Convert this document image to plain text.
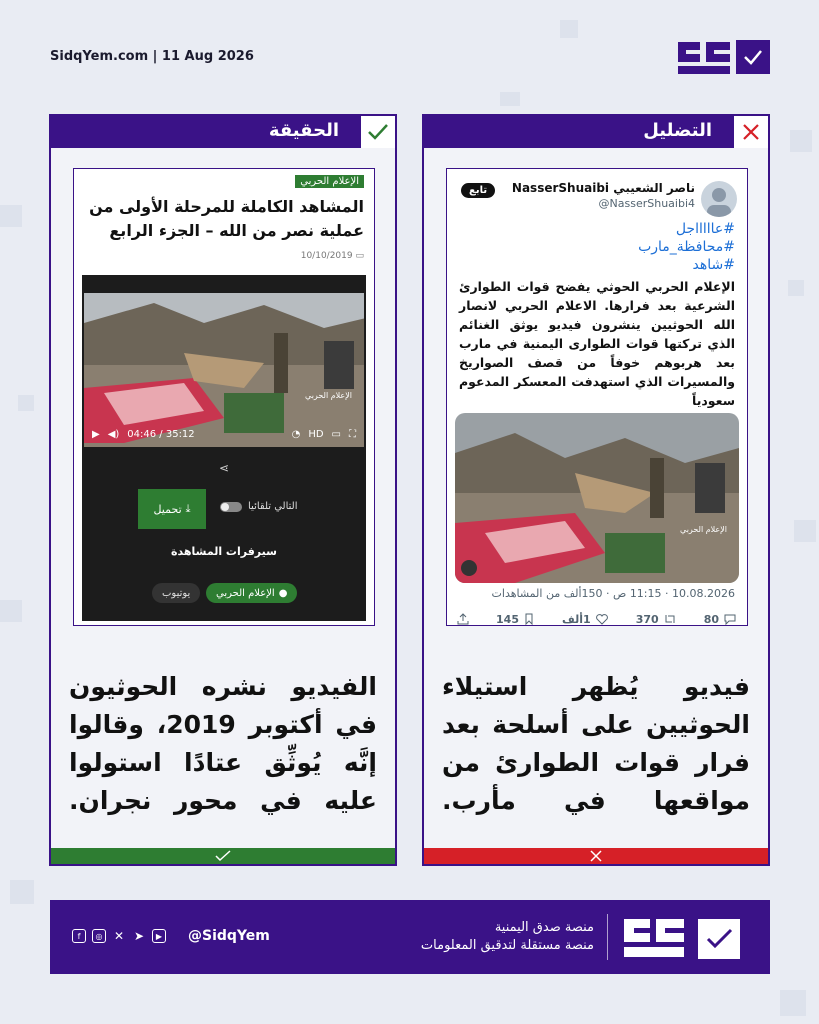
SidqYem.com | 11 Aug 2026
التضليل
ناصر الشعيبي NasserShuaibi
@NasserShuaibi4
تابع
#عاااااجل
#محافظة_مارب
#شاهد
الإعلام الحربي الحوثي يفضح قوات الطوارئ الشرعية بعد فرارها. الاعلام الحربي لانصار الله الحوثيين ينشرون فيديو يوثق الغنائم الذي تركتها قوات الطوارى اليمنية في مارب بعد هربوهم خوفاً من قصف الصواريخ والمسيرات الذي استهدفت المعسكر المدعوم سعودياً
الإعلام الحربي
10.08.2026 · 11:15 ص · 150ألف من المشاهدات
80
370
1ألف
145
فيديو يُظهر استيلاء الحوثيين على أسلحة بعد فرار قوات الطوارئ من مواقعها في مأرب.
الحقيقة
الإعلام الحربي
المشاهد الكاملة للمرحلة الأولى من عملية نصر من الله – الجزء الرابع
10/10/2019 ▭
الإعلام الحربي
▶ ◀) 04:46 / 35:12	◔ HD ▭ ⛶
⋖
تحميل ⤓	التالي تلقائيا
سيرفرات المشاهدة
الإعلام الحربي ●
يوتيوب
الفيديو نشره الحوثيون في أكتوبر 2019، وقالوا إنَّه يُوثِّق عتادًا استولوا عليه في محور نجران.
f	◎ ✕ ➤	▶ @SidqYem
منصة صدق اليمنية
منصة مستقلة لتدقيق المعلومات
